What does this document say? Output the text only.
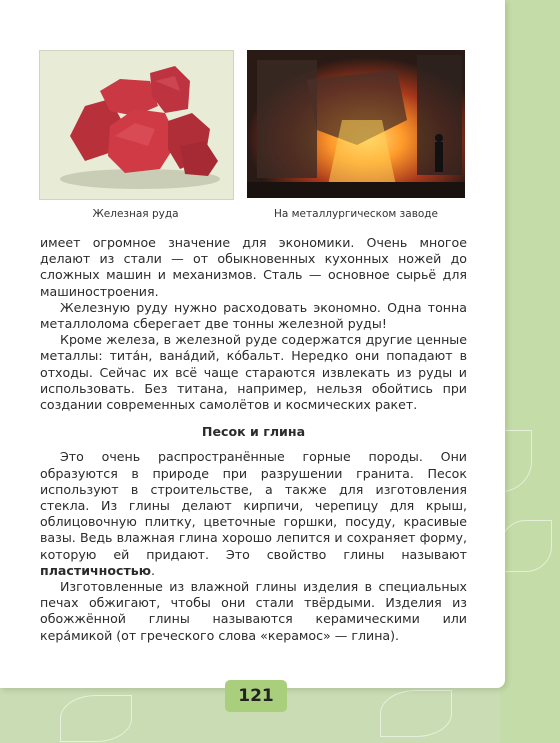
Железная руда	На металлургическом заводе

имеет огромное значение для экономики. Очень многое делают из стали — от обыкновенных кухонных ножей до сложных машин и механизмов. Сталь — основное сырьё для машиностроения.

Железную руду нужно расходовать экономно. Одна тонна металлолома сберегает две тонны железной руды!

Кроме железа, в железной руде содержатся другие ценные металлы: тита́н, вана́дий, ко́бальт. Нередко они попадают в отходы. Сейчас их всё чаще стараются извлекать из руды и использовать. Без титана, например, нельзя обойтись при создании современных самолётов и космических ракет.

Песок и глина

Это очень распространённые горные породы. Они образуются в природе при разрушении гранита. Песок используют в строительстве, а также для изготовления стекла. Из глины делают кирпичи, черепицу для крыш, облицовочную плитку, цветочные горшки, посуду, красивые вазы. Ведь влажная глина хорошо лепится и сохраняет форму, которую ей придают. Это свойство глины называют пластичностью.

Изготовленные из влажной глины изделия в специальных печах обжигают, чтобы они стали твёрдыми. Изделия из обожжённой глины называются керамическими или кера́микой (от греческого слова «керамос» — глина).

121
